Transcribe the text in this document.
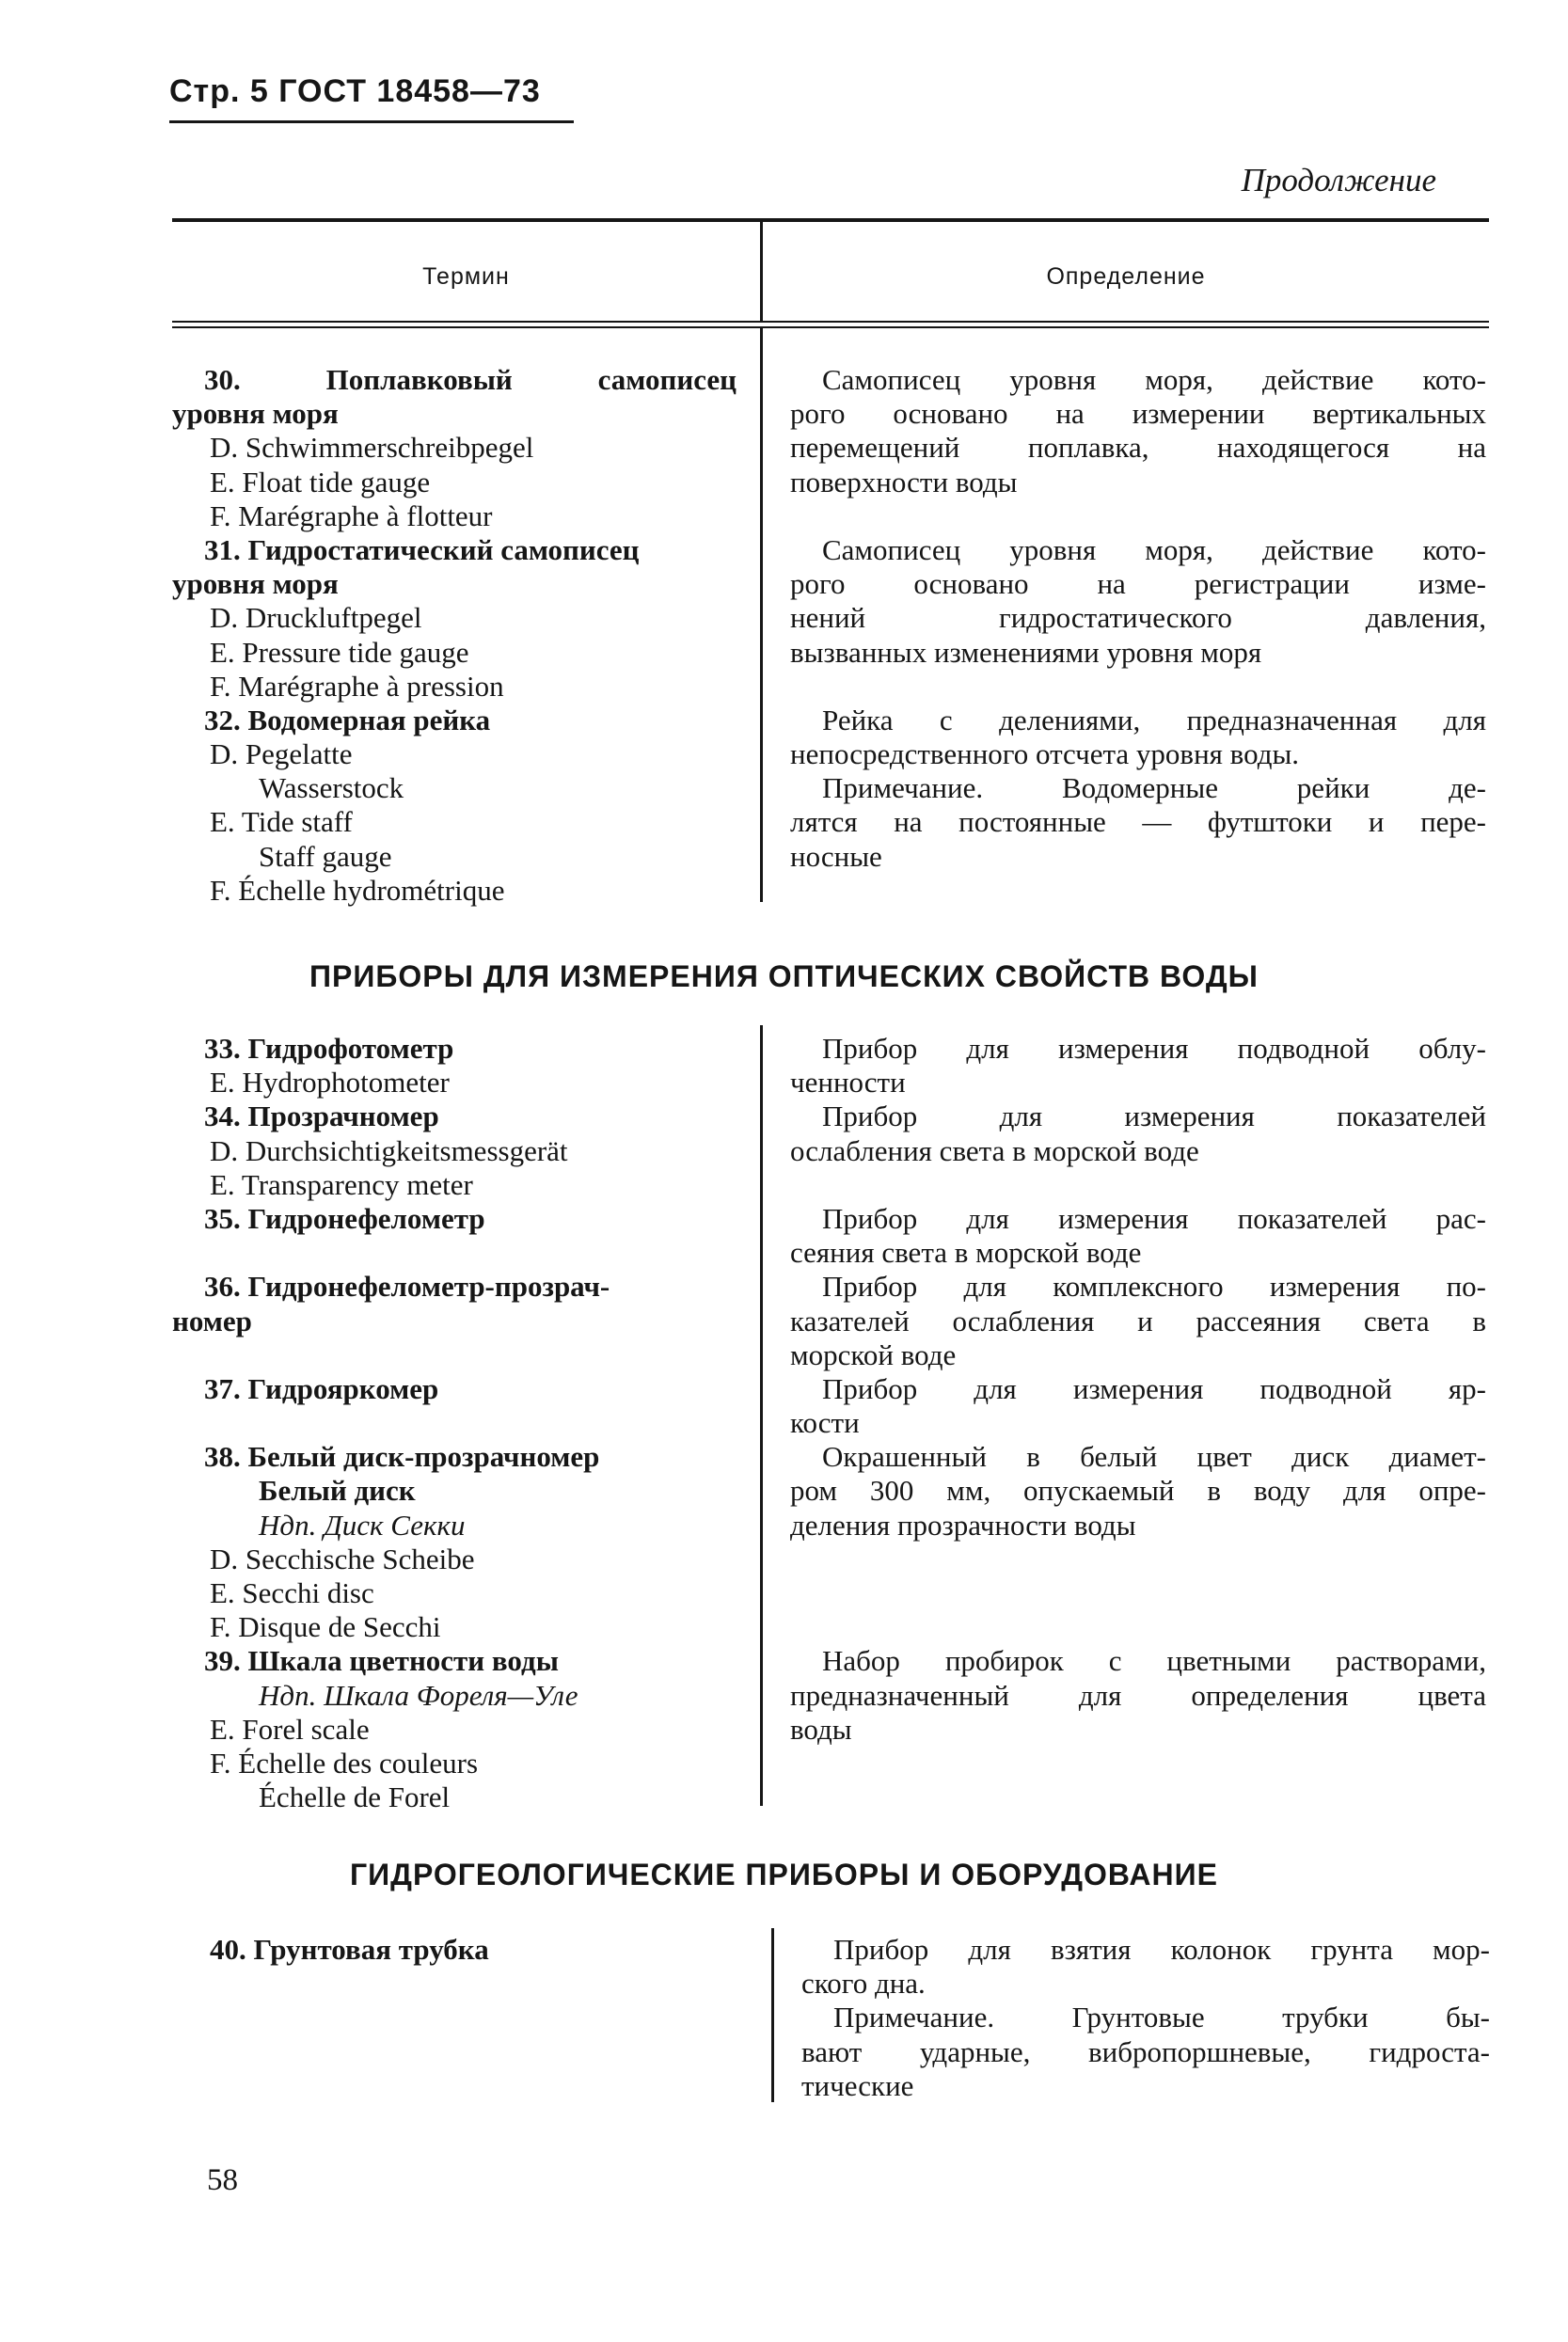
Стр. 5 ГОСТ 18458—73
Продолжение
Термин	Определение
30. Поплавковый самописец
уровня моря
D. Schwimmerschreibpegel
E. Float tide gauge
F. Marégraphe à flotteur
31. Гидростатический самописец
уровня моря
D. Druckluftpegel
E. Pressure tide gauge
F. Marégraphe à pression
32. Водомерная рейка
D. Pegelatte
Wasserstock
E. Tide staff
Staff gauge
F. Échelle hydrométrique
Самописец уровня моря, действие кото-
рого основано на измерении вертикальных
перемещений поплавка, находящегося на
поверхности воды
Самописец уровня моря, действие кото-
рого основано на регистрации изме-
нений гидростатического давления,
вызванных изменениями уровня моря
Рейка с делениями, предназначенная для
непосредственного отсчета уровня воды.
Примечание. Водомерные рейки де-
лятся на постоянные — футштоки и пере-
носные
ПРИБОРЫ ДЛЯ ИЗМЕРЕНИЯ ОПТИЧЕСКИХ СВОЙСТВ ВОДЫ
33. Гидрофотометр
E. Hydrophotometer
34. Прозрачномер
D. Durchsichtigkeitsmessgerät
E. Transparency meter
35. Гидронефелометр
36. Гидронефелометр-прозрач-
номер
37. Гидрояркомер
38. Белый диск-прозрачномер
Белый диск
Ндп. Диск Секки
D. Secchische Scheibe
E. Secchi disc
F. Disque de Secchi
39. Шкала цветности воды
Ндп. Шкала Фореля—Уле
E. Forel scale
F. Échelle des couleurs
Échelle de Forel
Прибор для измерения подводной облу-
ченности
Прибор для измерения показателей
ослабления света в морской воде
Прибор для измерения показателей рас-
сеяния света в морской воде
Прибор для комплексного измерения по-
казателей ослабления и рассеяния света в
морской воде
Прибор для измерения подводной яр-
кости
Окрашенный в белый цвет диск диамет-
ром 300 мм, опускаемый в воду для опре-
деления прозрачности воды
Набор пробирок с цветными растворами,
предназначенный для определения цвета
воды
ГИДРОГЕОЛОГИЧЕСКИЕ ПРИБОРЫ И ОБОРУДОВАНИЕ
40. Грунтовая трубка	Прибор для взятия колонок грунта мор-
ского дна.
Примечание. Грунтовые трубки бы-
вают ударные, вибропоршневые, гидроста-
тические
58
